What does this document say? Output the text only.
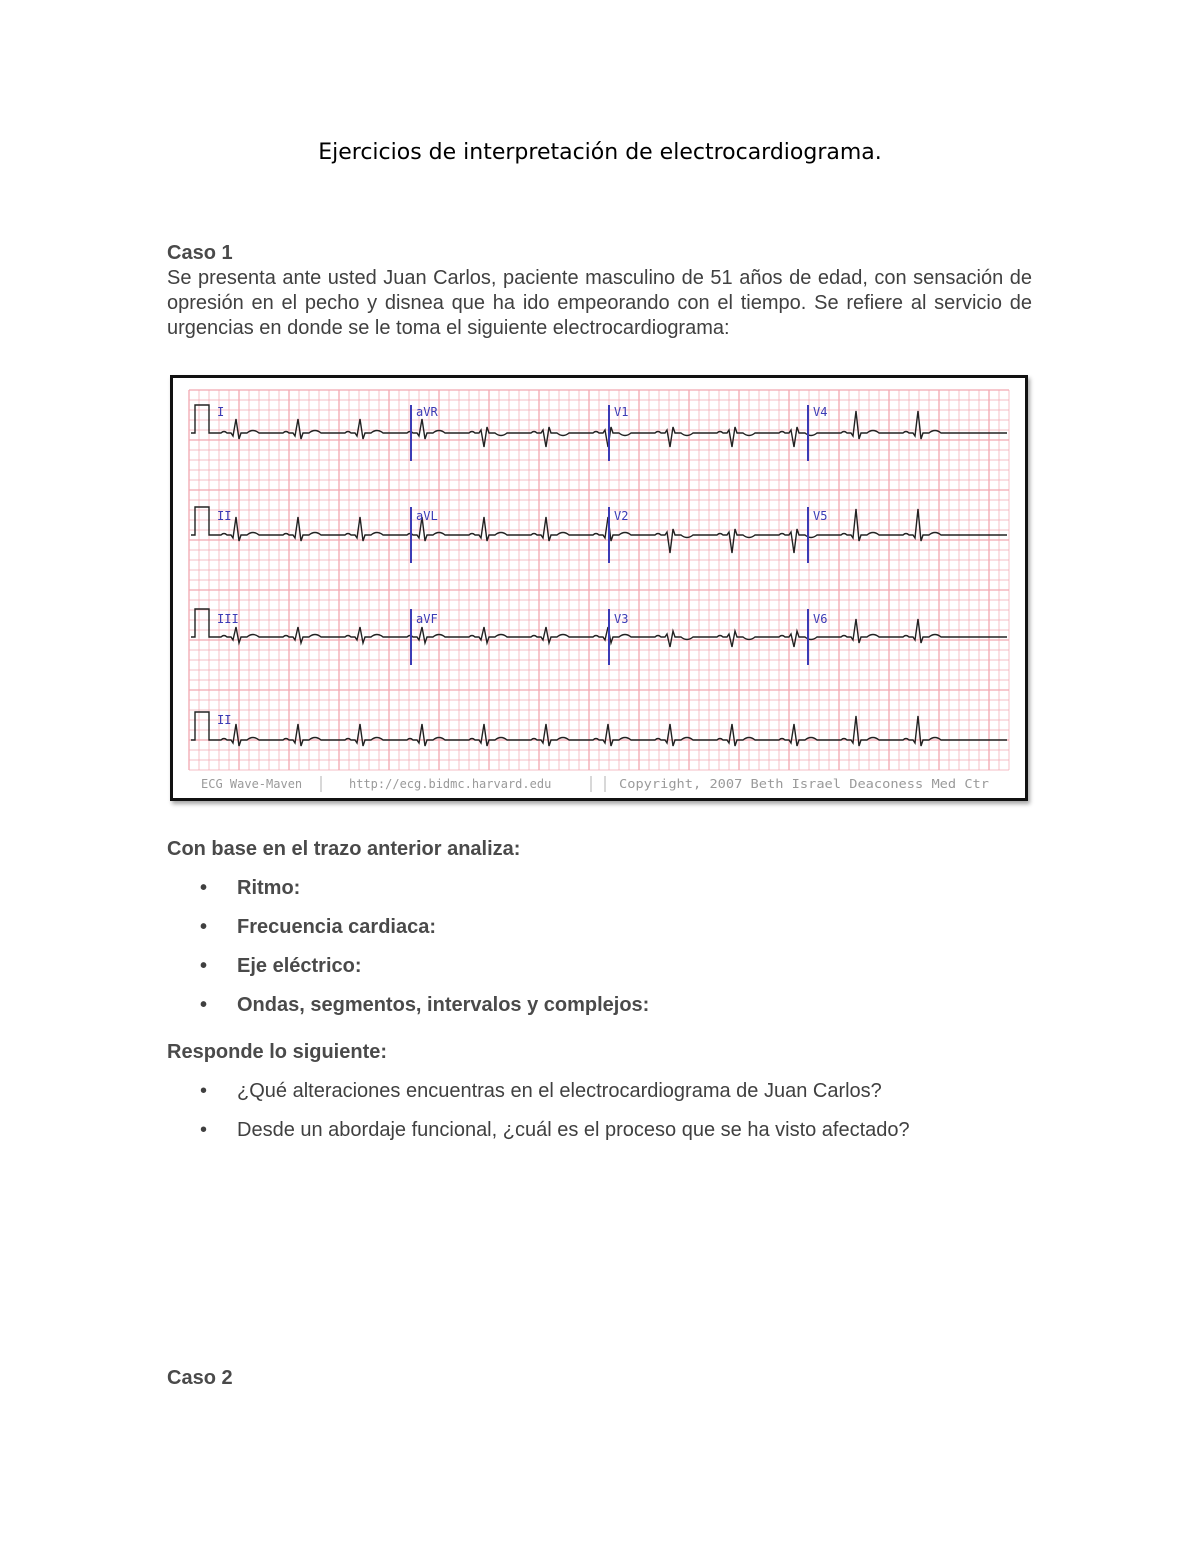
Ejercicios de interpretación de electrocardiograma.
Caso 1

Se presenta ante usted Juan Carlos, paciente masculino de 51 años de edad, con sensación de opresión en el pecho y disnea que ha ido empeorando con el tiempo. Se refiere al servicio de urgencias en donde se le toma el siguiente electrocardiograma:

I	aVR	V1	V4
II	aVL	V2	V5
III	aVF	V3	V6
II
ECG Wave-Maven	http://ecg.bidmc.harvard.edu	Copyright, 2007 Beth Israel Deaconess Med Ctr
Con base en el trazo anterior analiza:
• Ritmo:
• Frecuencia cardiaca:
• Eje eléctrico:
• Ondas, segmentos, intervalos y complejos:
Responde lo siguiente:
• ¿Qué alteraciones encuentras en el electrocardiograma de Juan Carlos?
• Desde un abordaje funcional, ¿cuál es el proceso que se ha visto afectado?
Caso 2
